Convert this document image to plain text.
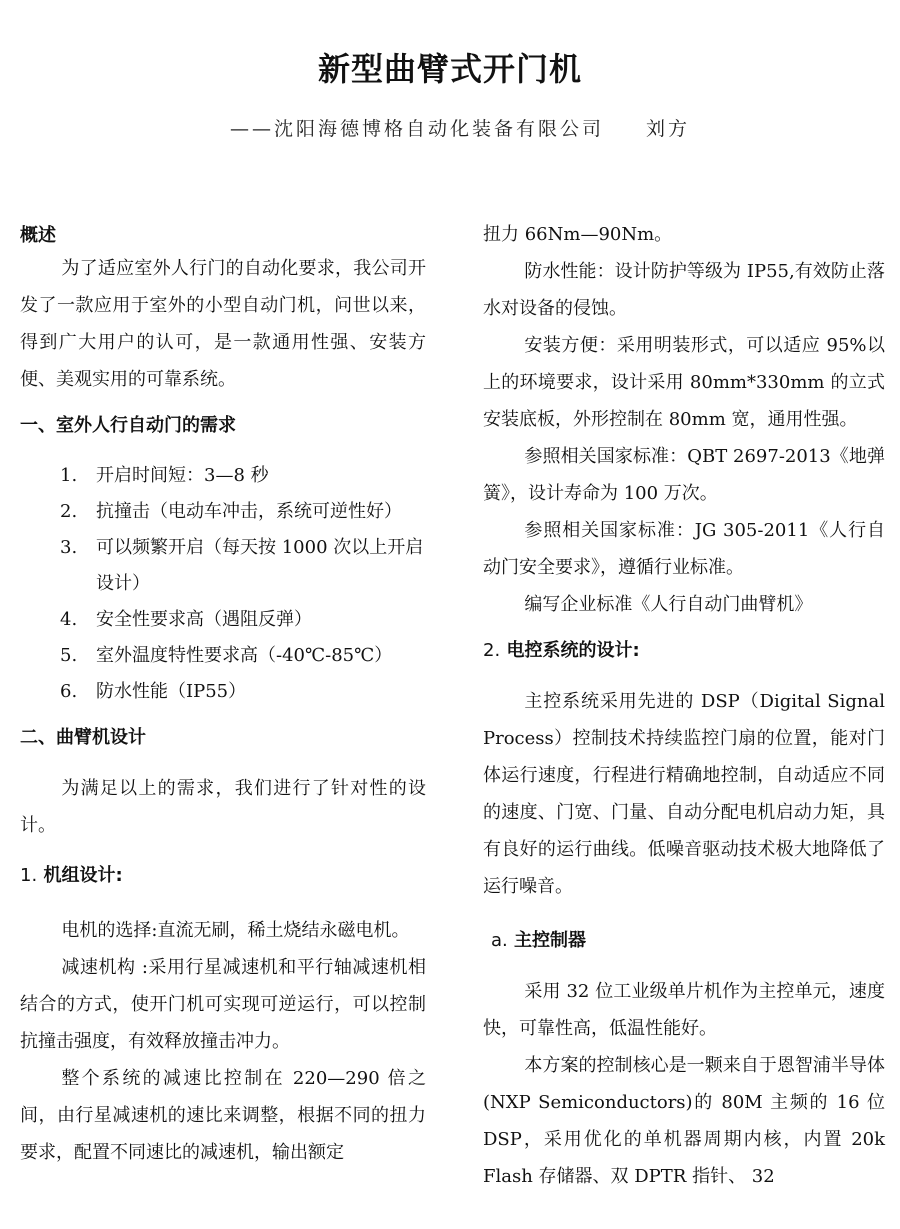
新型曲臂式开门机
——沈阳海德博格自动化装备有限公司 刘方
概述

为了适应室外人行门的自动化要求，我公司开发了一款应用于室外的小型自动门机，问世以来，得到广大用户的认可，是一款通用性强、安装方便、美观实用的可靠系统。

一、室外人行自动门的需求
1. 开启时间短：3—8 秒
2. 抗撞击（电动车冲击，系统可逆性好）
3. 可以频繁开启（每天按 1000 次以上开启设计）
4. 安全性要求高（遇阻反弹）
5. 室外温度特性要求高（-40℃-85℃）
6. 防水性能（IP55）
二、曲臂机设计

为满足以上的需求，我们进行了针对性的设计。

1. 机组设计:

电机的选择:直流无刷，稀土烧结永磁电机。

减速机构 :采用行星减速机和平行轴减速机相结合的方式，使开门机可实现可逆运行，可以控制抗撞击强度，有效释放撞击冲力。

整个系统的减速比控制在 220—290 倍之间，由行星减速机的速比来调整，根据不同的扭力要求，配置不同速比的减速机，输出额定

扭力 66Nm—90Nm。

防水性能：设计防护等级为 IP55,有效防止落水对设备的侵蚀。

安装方便：采用明装形式，可以适应 95%以上的环境要求，设计采用 80mm*330mm 的立式安装底板，外形控制在 80mm 宽，通用性强。

参照相关国家标准：QBT 2697-2013《地弹簧》，设计寿命为 100 万次。

参照相关国家标准：JG 305-2011《人行自动门安全要求》，遵循行业标准。

编写企业标准《人行自动门曲臂机》

2. 电控系统的设计:

主控系统采用先进的 DSP（Digital Signal Process）控制技术持续监控门扇的位置，能对门体运行速度，行程进行精确地控制，自动适应不同的速度、门宽、门量、自动分配电机启动力矩，具有良好的运行曲线。低噪音驱动技术极大地降低了运行噪音。

a. 主控制器

采用 32 位工业级单片机作为主控单元，速度快，可靠性高，低温性能好。

本方案的控制核心是一颗来自于恩智浦半导体(NXP Semiconductors)的 80M 主频的 16 位 DSP，采用优化的单机器周期内核，内置 20k Flash 存储器、双 DPTR 指针、 32
